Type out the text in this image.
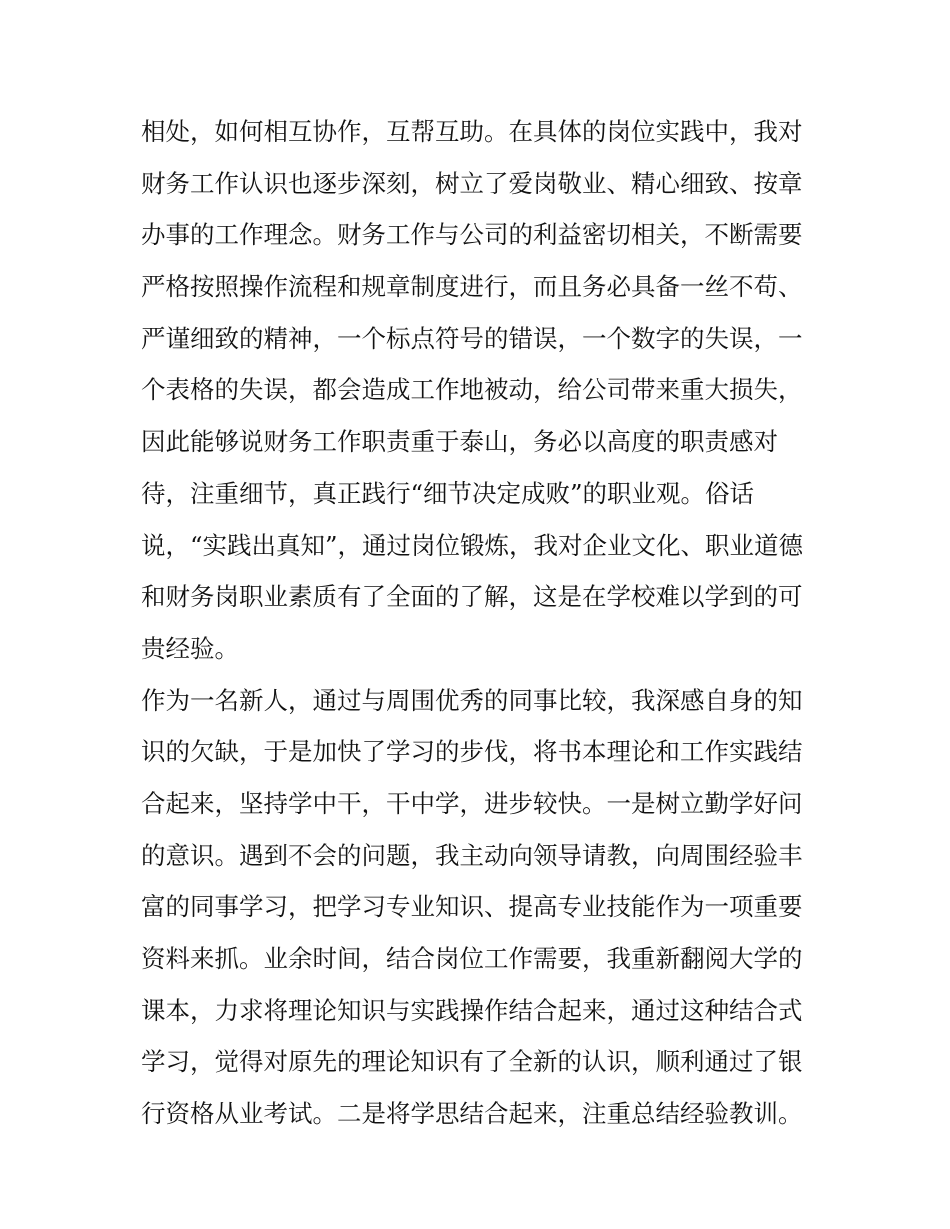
相处，如何相互协作，互帮互助。在具体的岗位实践中，我对
财务工作认识也逐步深刻，树立了爱岗敬业、精心细致、按章
办事的工作理念。财务工作与公司的利益密切相关，不断需要
严格按照操作流程和规章制度进行，而且务必具备一丝不苟、
严谨细致的精神，一个标点符号的错误，一个数字的失误，一
个表格的失误，都会造成工作地被动，给公司带来重大损失，
因此能够说财务工作职责重于泰山，务必以高度的职责感对
待，注重细节，真正践行“细节决定成败”的职业观。俗话
说，“实践出真知”，通过岗位锻炼，我对企业文化、职业道德
和财务岗职业素质有了全面的了解，这是在学校难以学到的可
贵经验。
作为一名新人，通过与周围优秀的同事比较，我深感自身的知
识的欠缺，于是加快了学习的步伐，将书本理论和工作实践结
合起来，坚持学中干，干中学，进步较快。一是树立勤学好问
的意识。遇到不会的问题，我主动向领导请教，向周围经验丰
富的同事学习，把学习专业知识、提高专业技能作为一项重要
资料来抓。业余时间，结合岗位工作需要，我重新翻阅大学的
课本，力求将理论知识与实践操作结合起来，通过这种结合式
学习，觉得对原先的理论知识有了全新的认识，顺利通过了银
行资格从业考试。二是将学思结合起来，注重总结经验教训。
